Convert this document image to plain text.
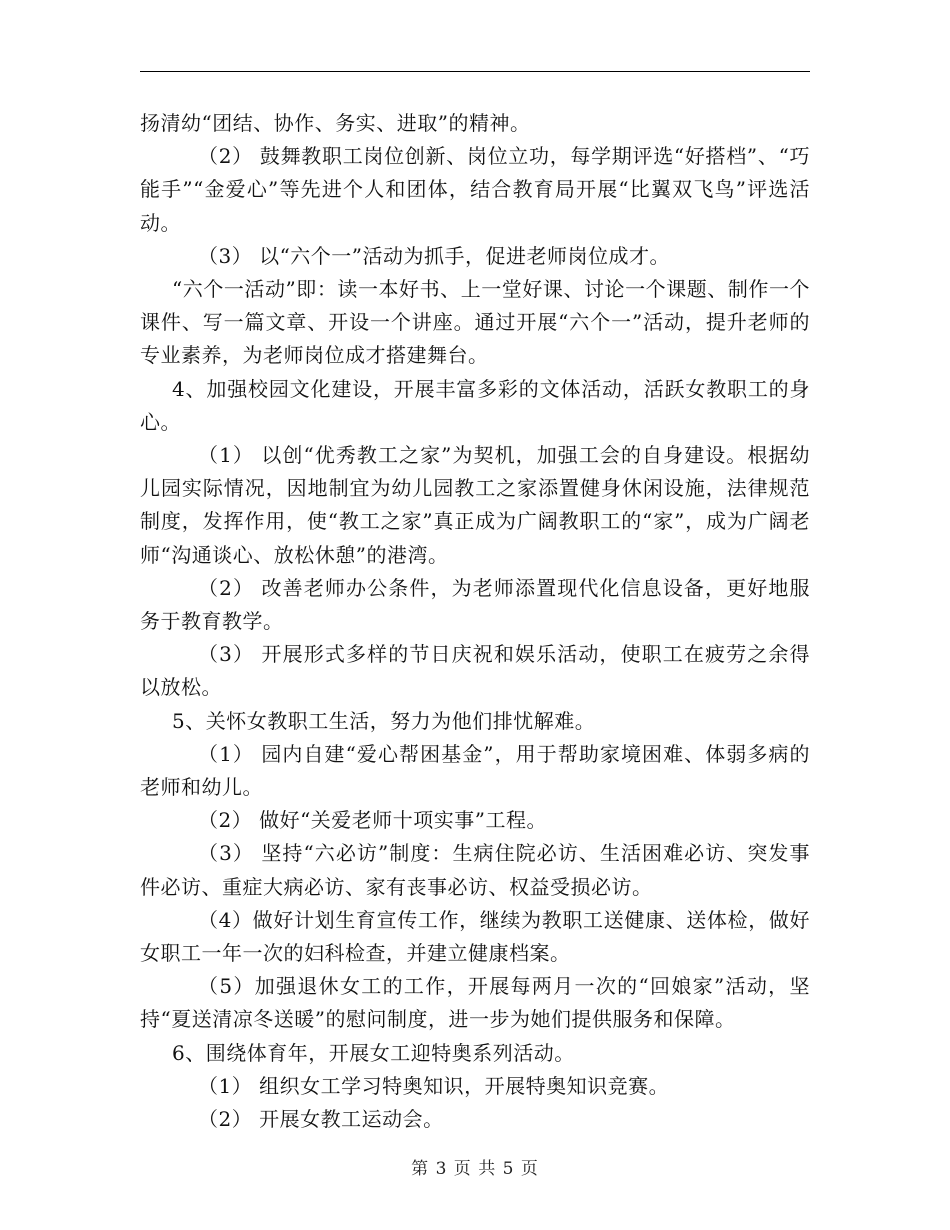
扬清幼“团结、协作、务实、进取”的精神。

（2） 鼓舞教职工岗位创新、岗位立功，每学期评选“好搭档”、“巧能手”“金爱心”等先进个人和团体，结合教育局开展“比翼双飞鸟”评选活动。

（3） 以“六个一”活动为抓手，促进老师岗位成才。

“六个一活动”即：读一本好书、上一堂好课、讨论一个课题、制作一个课件、写一篇文章、开设一个讲座。通过开展“六个一”活动，提升老师的专业素养，为老师岗位成才搭建舞台。

4、加强校园文化建设，开展丰富多彩的文体活动，活跃女教职工的身心。

（1） 以创“优秀教工之家”为契机，加强工会的自身建设。根据幼儿园实际情况，因地制宜为幼儿园教工之家添置健身休闲设施，法律规范制度，发挥作用，使“教工之家”真正成为广阔教职工的“家”，成为广阔老师“沟通谈心、放松休憩”的港湾。

（2） 改善老师办公条件，为老师添置现代化信息设备，更好地服务于教育教学。

（3） 开展形式多样的节日庆祝和娱乐活动，使职工在疲劳之余得以放松。

5、关怀女教职工生活，努力为他们排忧解难。

（1） 园内自建“爱心帮困基金”，用于帮助家境困难、体弱多病的老师和幼儿。

（2） 做好“关爱老师十项实事”工程。

（3） 坚持“六必访”制度：生病住院必访、生活困难必访、突发事件必访、重症大病必访、家有丧事必访、权益受损必访。

（4）做好计划生育宣传工作，继续为教职工送健康、送体检，做好女职工一年一次的妇科检查，并建立健康档案。

（5）加强退休女工的工作，开展每两月一次的“回娘家”活动，坚持“夏送清凉冬送暖”的慰问制度，进一步为她们提供服务和保障。

6、围绕体育年，开展女工迎特奥系列活动。

（1） 组织女工学习特奥知识，开展特奥知识竞赛。

（2） 开展女教工运动会。

第 3 页 共 5 页
